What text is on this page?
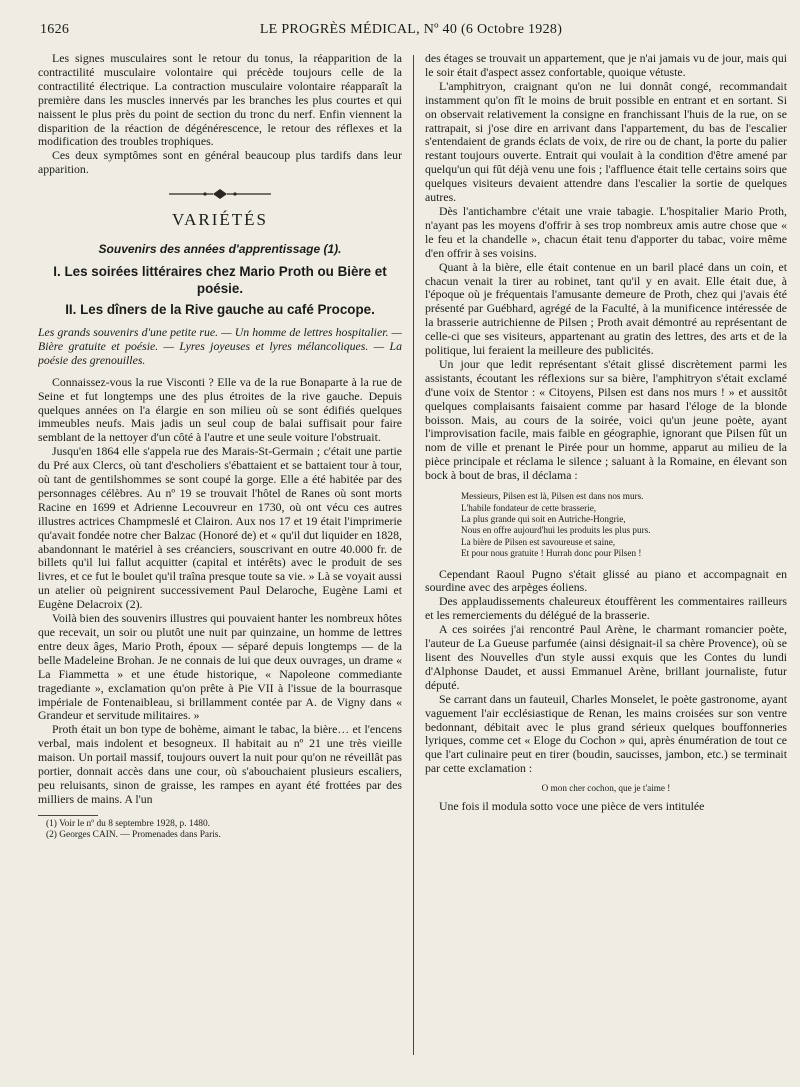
1626	LE PROGRÈS MÉDICAL, Nº 40 (6 Octobre 1928)

Les signes musculaires sont le retour du tonus, la réapparition de la contractilité musculaire volontaire qui précède toujours celle de la contractilité électrique. La contraction musculaire volontaire réapparaît la première dans les muscles innervés par les branches les plus courtes et qui naissent le plus près du point de section du tronc du nerf. Enfin viennent la disparition de la réaction de dégénérescence, le retour des réflexes et la modification des troubles trophiques.

Ces deux symptômes sont en général beaucoup plus tardifs dans leur apparition.

VARIÉTÉS
Souvenirs des années d'apprentissage (1).
I. Les soirées littéraires chez Mario Proth ou Bière et poésie.
II. Les dîners de la Rive gauche au café Procope.

Les grands souvenirs d'une petite rue. — Un homme de lettres hospitalier. — Bière gratuite et poésie. — Lyres joyeuses et lyres mélancoliques. — La poésie des grenouilles.

Connaissez-vous la rue Visconti ? Elle va de la rue Bonaparte à la rue de Seine et fut longtemps une des plus étroites de la rive gauche. Depuis quelques années on l'a élargie en son milieu où se sont édifiés quelques immeubles neufs. Mais jadis un seul coup de balai suffisait pour faire semblant de la nettoyer d'un côté à l'autre et une seule voiture l'obstruait.

Jusqu'en 1864 elle s'appela rue des Marais-St-Germain ; c'était une partie du Pré aux Clercs, où tant d'escholiers s'ébattaient et se battaient tour à tour, où tant de gentilshommes se sont coupé la gorge. Elle a été habitée par des personnages célèbres. Au nº 19 se trouvait l'hôtel de Ranes où sont morts Racine en 1699 et Adrienne Lecouvreur en 1730, où ont vécu ces autres illustres actrices Champmeslé et Clairon. Aux nos 17 et 19 était l'imprimerie qu'avait fondée notre cher Balzac (Honoré de) et « qu'il dut liquider en 1828, abandonnant le matériel à ses créanciers, souscrivant en outre 40.000 fr. de billets qu'il lui fallut acquitter (capital et intérêts) avec le produit de ses livres, et ce fut le boulet qu'il traîna presque toute sa vie. » Là se voyait aussi un atelier où peignirent successivement Paul Delaroche, Eugène Lami et Eugène Delacroix (2).

Voilà bien des souvenirs illustres qui pouvaient hanter les nombreux hôtes que recevait, un soir ou plutôt une nuit par quinzaine, un homme de lettres entre deux âges, Mario Proth, époux — séparé depuis longtemps — de la belle Madeleine Brohan. Je ne connais de lui que deux ouvrages, un drame « La Fiammetta » et une étude historique, « Napoleone commediante tragediante », exclamation qu'on prête à Pie VII à l'issue de la bourrasque impériale de Fontenaibleau, si brillamment contée par A. de Vigny dans « Grandeur et servitude militaires. »

Proth était un bon type de bohème, aimant le tabac, la bière… et l'encens verbal, mais indolent et besogneux. Il habitait au nº 21 une très vieille maison. Un portail massif, toujours ouvert la nuit pour qu'on ne réveillât pas portier, donnait accès dans une cour, où s'abouchaient plusieurs escaliers, peu reluisants, sinon de graisse, les rampes en ayant été frottées par des milliers de mains. A l'un

(1) Voir le nº du 8 septembre 1928, p. 1480.
(2) Georges CAIN. — Promenades dans Paris.

des étages se trouvait un appartement, que je n'ai jamais vu de jour, mais qui le soir était d'aspect assez confortable, quoique vétuste.

L'amphitryon, craignant qu'on ne lui donnât congé, recommandait instamment qu'on fît le moins de bruit possible en entrant et en sortant. Si on observait relativement la consigne en franchissant l'huis de la rue, on se rattrapait, si j'ose dire en arrivant dans l'appartement, du bas de l'escalier s'entendaient de grands éclats de voix, de rire ou de chant, la porte du palier restant toujours ouverte. Entrait qui voulait à la condition d'être amené par quelqu'un qui fût déjà venu une fois ; l'affluence était telle certains soirs que quelques visiteurs devaient attendre dans l'escalier la sortie de quelques autres.

Dès l'antichambre c'était une vraie tabagie. L'hospitalier Mario Proth, n'ayant pas les moyens d'offrir à ses trop nombreux amis autre chose que « le feu et la chandelle », chacun était tenu d'apporter du tabac, voire même d'en offrir à ses voisins.

Quant à la bière, elle était contenue en un baril placé dans un coin, et chacun venait la tirer au robinet, tant qu'il y en avait. Elle était due, à l'époque où je fréquentais l'amusante demeure de Proth, chez qui j'avais été présenté par Guébhard, agrégé de la Faculté, à la munificence intéressée de la brasserie autrichienne de Pilsen ; Proth avait démontré au représentant de celle-ci que ses visiteurs, appartenant au gratin des lettres, des arts et de la politique, lui feraient la meilleure des publicités.

Un jour que ledit représentant s'était glissé discrètement parmi les assistants, écoutant les réflexions sur sa bière, l'amphitryon s'était exclamé d'une voix de Stentor : « Citoyens, Pilsen est dans nos murs ! » et aussitôt quelques complaisants faisaient comme par hasard l'éloge de la blonde boisson. Mais, au cours de la soirée, voici qu'un jeune poète, ayant l'improvisation facile, mais faible en géographie, ignorant que Pilsen fût un nom de ville et prenant le Pirée pour un homme, apparut au milieu de la pièce principale et réclama le silence ; saluant à la Romaine, en élevant son bock à bout de bras, il déclama :

Messieurs, Pilsen est là, Pilsen est dans nos murs.
L'habile fondateur de cette brasserie,
La plus grande qui soit en Autriche-Hongrie,
Nous en offre aujourd'hui les produits les plus purs.
La bière de Pilsen est savoureuse et saine,
Et pour nous gratuite ! Hurrah donc pour Pilsen !

Cependant Raoul Pugno s'était glissé au piano et accompagnait en sourdine avec des arpèges éoliens.

Des applaudissements chaleureux étouffèrent les commentaires railleurs et les remerciements du délégué de la brasserie.

A ces soirées j'ai rencontré Paul Arène, le charmant romancier poète, l'auteur de La Gueuse parfumée (ainsi désignait-il sa chère Provence), où se lisent des Nouvelles d'un style aussi exquis que les Contes du lundi d'Alphonse Daudet, et aussi Emmanuel Arène, brillant journaliste, futur député.

Se carrant dans un fauteuil, Charles Monselet, le poète gastronome, ayant vaguement l'air ecclésiastique de Renan, les mains croisées sur son ventre bedonnant, débitait avec le plus grand sérieux quelques bouffonneries lyriques, comme cet « Eloge du Cochon » qui, après énumération de tout ce que l'art culinaire peut en tirer (boudin, saucisses, jambon, etc.) se terminait par cette exclamation :

O mon cher cochon, que je t'aime !

Une fois il modula sotto voce une pièce de vers intitulée
